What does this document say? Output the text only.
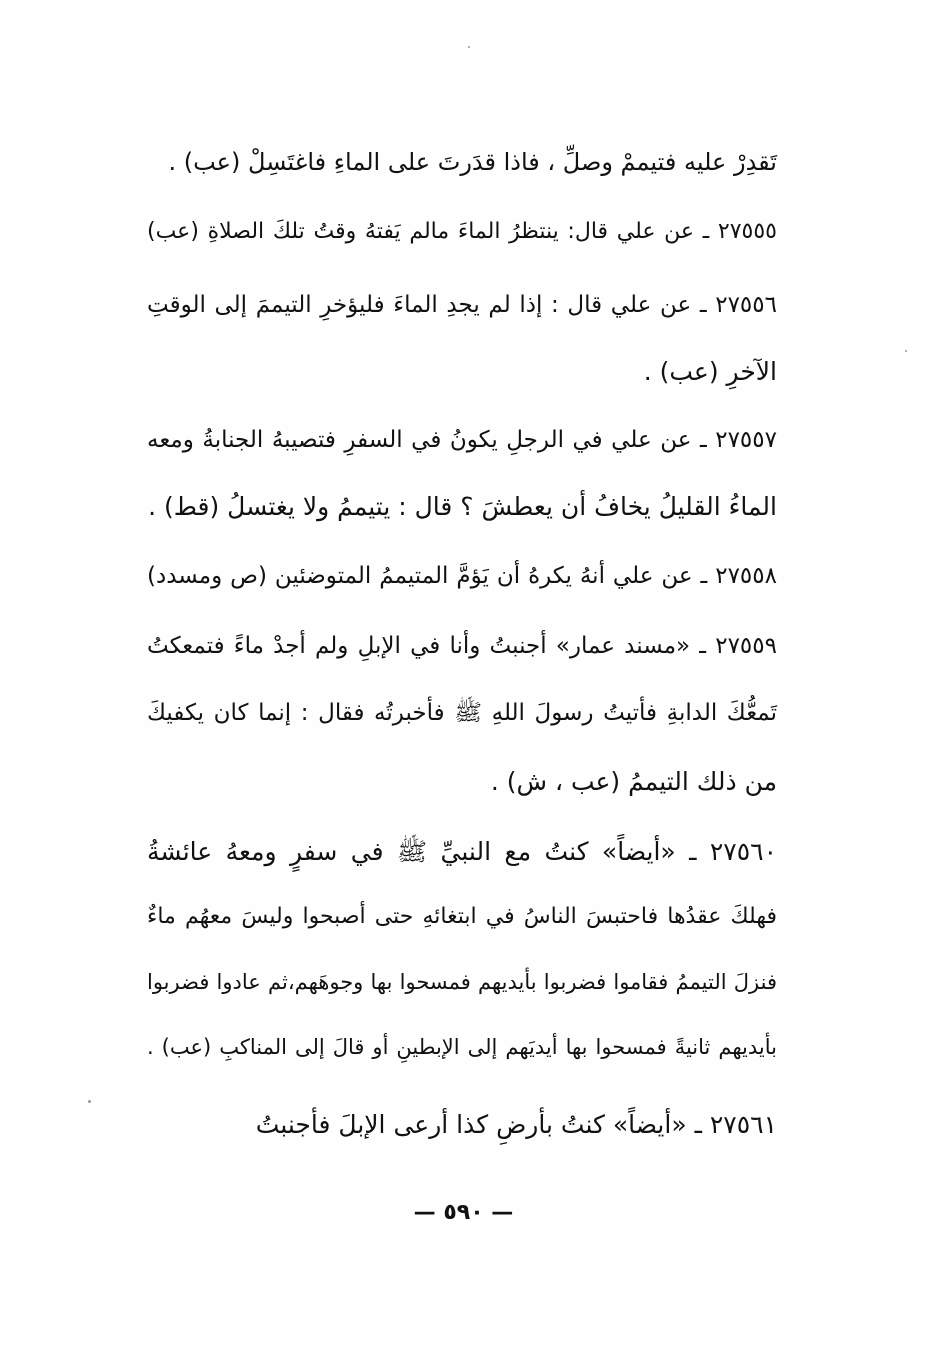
تَقدِرْ عليه فتيممْ وصلِّ ، فاذا قدَرتَ على الماءِ فاغتَسِلْ (عب) .
٢٧٥٥٥ ـ عن علي قال: ينتظرُ الماءَ مالم يَفتهُ وقتُ تلكَ الصلاةِ (عب)
٢٧٥٥٦ ـ عن علي قال : إذا لم يجدِ الماءَ فليؤخرِ التيممَ إلى الوقتِ
الآخرِ (عب) .
٢٧٥٥٧ ـ عن علي في الرجلِ يكونُ في السفرِ فتصيبهُ الجنابةُ ومعه
الماءُ القليلُ يخافُ أن يعطشَ ؟ قال : يتيممُ ولا يغتسلُ (قط) .
٢٧٥٥٨ ـ عن علي أنهُ يكرهُ أن يَؤمَّ المتيممُ المتوضئين (ص ومسدد)
٢٧٥٥٩ ـ «مسند عمار» أجنبتُ وأنا في الإبلِ ولم أجدْ ماءً فتمعكتُ
تَمعُّكَ الدابةِ فأتيتُ رسولَ اللهِ ﷺ فأخبرتُه فقال : إنما كان يكفيكَ
من ذلك التيممُ (عب ، ش) .
٢٧٥٦٠ ـ «أيضاً» كنتُ مع النبيِّ ﷺ في سفرٍ ومعهُ عائشةُ
فهلكَ عقدُها فاحتبسَ الناسُ في ابتغائهِ حتى أصبحوا وليسَ معهُم ماءٌ
فنزلَ التيممُ فقاموا فضربوا بأيديهم فمسحوا بها وجوهَهم،ثم عادوا فضربوا
بأيديهم ثانيةً فمسحوا بها أيديَهم إلى الإبطينِ أو قالَ إلى المناكبِ (عب) .
٢٧٥٦١ ـ «أيضاً» كنتُ بأرضِ كذا أرعى الإبلَ فأجنبتُ
— ٥٩٠ —
